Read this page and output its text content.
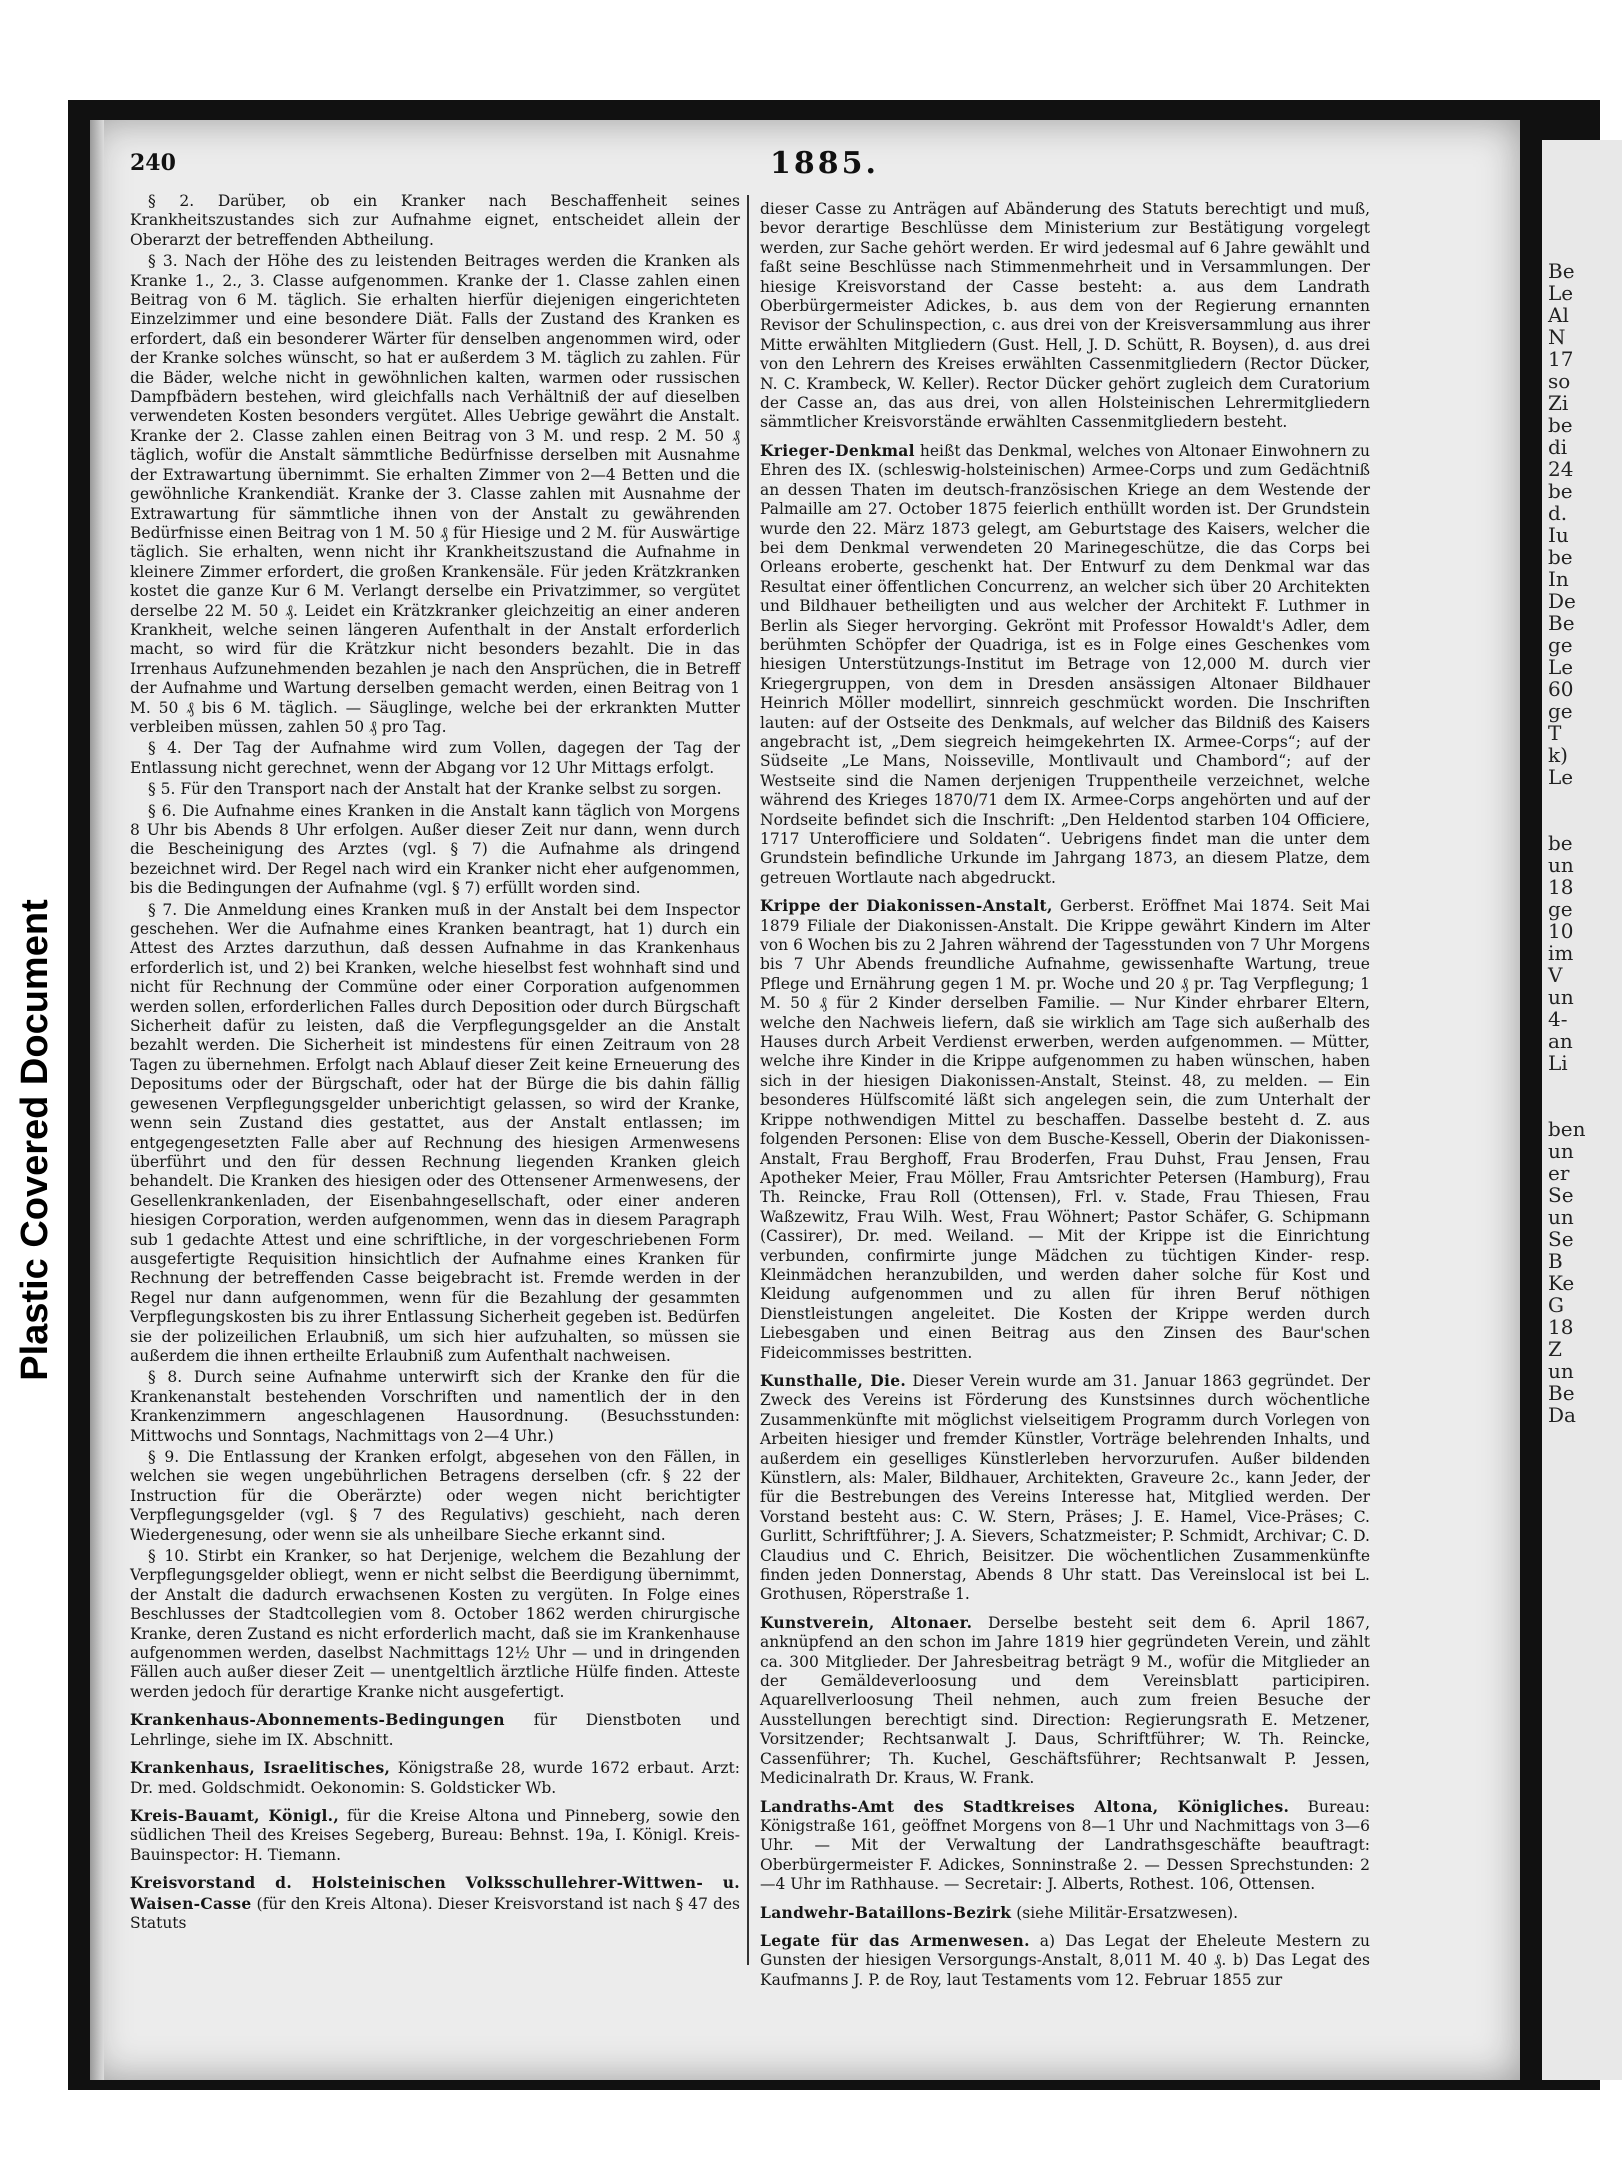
Plastic Covered Document
Be
Le
Al
N
17
so
Zi
be
di
24
be
d.
Iu
be
In
De
Be
ge
Le
60
ge
T
k)
Le

be
un
18
ge
10
im
V
un
4-
an
Li

ben
un
er
Se
un
Se
B
Ke
G
18
Z
un
Be
Da
240	1885.

§ 2. Darüber, ob ein Kranker nach Beschaffenheit seines Krankheitszustandes sich zur Aufnahme eignet, entscheidet allein der Oberarzt der betreffenden Abtheilung.

§ 3. Nach der Höhe des zu leistenden Beitrages werden die Kranken als Kranke 1., 2., 3. Classe aufgenommen. Kranke der 1. Classe zahlen einen Beitrag von 6 M. täglich. Sie erhalten hierfür diejenigen eingerichteten Einzelzimmer und eine besondere Diät. Falls der Zustand des Kranken es erfordert, daß ein besonderer Wärter für denselben angenommen wird, oder der Kranke solches wünscht, so hat er außerdem 3 M. täglich zu zahlen. Für die Bäder, welche nicht in gewöhnlichen kalten, warmen oder russischen Dampfbädern bestehen, wird gleichfalls nach Verhältniß der auf dieselben verwendeten Kosten besonders vergütet. Alles Uebrige gewährt die Anstalt. Kranke der 2. Classe zahlen einen Beitrag von 3 M. und resp. 2 M. 50 ₰ täglich, wofür die Anstalt sämmtliche Bedürfnisse derselben mit Ausnahme der Extrawartung übernimmt. Sie erhalten Zimmer von 2—4 Betten und die gewöhnliche Krankendiät. Kranke der 3. Classe zahlen mit Ausnahme der Extrawartung für sämmtliche ihnen von der Anstalt zu gewährenden Bedürfnisse einen Beitrag von 1 M. 50 ₰ für Hiesige und 2 M. für Auswärtige täglich. Sie erhalten, wenn nicht ihr Krankheitszustand die Aufnahme in kleinere Zimmer erfordert, die großen Krankensäle. Für jeden Krätzkranken kostet die ganze Kur 6 M. Verlangt derselbe ein Privatzimmer, so vergütet derselbe 22 M. 50 ₰. Leidet ein Krätzkranker gleichzeitig an einer anderen Krankheit, welche seinen längeren Aufenthalt in der Anstalt erforderlich macht, so wird für die Krätzkur nicht besonders bezahlt. Die in das Irrenhaus Aufzunehmenden bezahlen je nach den Ansprüchen, die in Betreff der Aufnahme und Wartung derselben gemacht werden, einen Beitrag von 1 M. 50 ₰ bis 6 M. täglich. — Säuglinge, welche bei der erkrankten Mutter verbleiben müssen, zahlen 50 ₰ pro Tag.

§ 4. Der Tag der Aufnahme wird zum Vollen, dagegen der Tag der Entlassung nicht gerechnet, wenn der Abgang vor 12 Uhr Mittags erfolgt.

§ 5. Für den Transport nach der Anstalt hat der Kranke selbst zu sorgen.

§ 6. Die Aufnahme eines Kranken in die Anstalt kann täglich von Morgens 8 Uhr bis Abends 8 Uhr erfolgen. Außer dieser Zeit nur dann, wenn durch die Bescheinigung des Arztes (vgl. § 7) die Aufnahme als dringend bezeichnet wird. Der Regel nach wird ein Kranker nicht eher aufgenommen, bis die Bedingungen der Aufnahme (vgl. § 7) erfüllt worden sind.

§ 7. Die Anmeldung eines Kranken muß in der Anstalt bei dem Inspector geschehen. Wer die Aufnahme eines Kranken beantragt, hat 1) durch ein Attest des Arztes darzuthun, daß dessen Aufnahme in das Krankenhaus erforderlich ist, und 2) bei Kranken, welche hieselbst fest wohnhaft sind und nicht für Rechnung der Commüne oder einer Corporation aufgenommen werden sollen, erforderlichen Falles durch Deposition oder durch Bürgschaft Sicherheit dafür zu leisten, daß die Verpflegungsgelder an die Anstalt bezahlt werden. Die Sicherheit ist mindestens für einen Zeitraum von 28 Tagen zu übernehmen. Erfolgt nach Ablauf dieser Zeit keine Erneuerung des Depositums oder der Bürgschaft, oder hat der Bürge die bis dahin fällig gewesenen Verpflegungsgelder unberichtigt gelassen, so wird der Kranke, wenn sein Zustand dies gestattet, aus der Anstalt entlassen; im entgegengesetzten Falle aber auf Rechnung des hiesigen Armenwesens überführt und den für dessen Rechnung liegenden Kranken gleich behandelt. Die Kranken des hiesigen oder des Ottensener Armenwesens, der Gesellenkrankenladen, der Eisenbahngesellschaft, oder einer anderen hiesigen Corporation, werden aufgenommen, wenn das in diesem Paragraph sub 1 gedachte Attest und eine schriftliche, in der vorgeschriebenen Form ausgefertigte Requisition hinsichtlich der Aufnahme eines Kranken für Rechnung der betreffenden Casse beigebracht ist. Fremde werden in der Regel nur dann aufgenommen, wenn für die Bezahlung der gesammten Verpflegungskosten bis zu ihrer Entlassung Sicherheit gegeben ist. Bedürfen sie der polizeilichen Erlaubniß, um sich hier aufzuhalten, so müssen sie außerdem die ihnen ertheilte Erlaubniß zum Aufenthalt nachweisen.

§ 8. Durch seine Aufnahme unterwirft sich der Kranke den für die Krankenanstalt bestehenden Vorschriften und namentlich der in den Krankenzimmern angeschlagenen Hausordnung. (Besuchsstunden: Mittwochs und Sonntags, Nachmittags von 2—4 Uhr.)

§ 9. Die Entlassung der Kranken erfolgt, abgesehen von den Fällen, in welchen sie wegen ungebührlichen Betragens derselben (cfr. § 22 der Instruction für die Oberärzte) oder wegen nicht berichtigter Verpflegungsgelder (vgl. § 7 des Regulativs) geschieht, nach deren Wiedergenesung, oder wenn sie als unheilbare Sieche erkannt sind.

§ 10. Stirbt ein Kranker, so hat Derjenige, welchem die Bezahlung der Verpflegungsgelder obliegt, wenn er nicht selbst die Beerdigung übernimmt, der Anstalt die dadurch erwachsenen Kosten zu vergüten. In Folge eines Beschlusses der Stadtcollegien vom 8. October 1862 werden chirurgische Kranke, deren Zustand es nicht erforderlich macht, daß sie im Krankenhause aufgenommen werden, daselbst Nachmittags 12½ Uhr — und in dringenden Fällen auch außer dieser Zeit — unentgeltlich ärztliche Hülfe finden. Atteste werden jedoch für derartige Kranke nicht ausgefertigt.

Krankenhaus-Abonnements-Bedingungen für Dienstboten und Lehrlinge, siehe im IX. Abschnitt.

Krankenhaus, Israelitisches, Königstraße 28, wurde 1672 erbaut. Arzt: Dr. med. Goldschmidt. Oekonomin: S. Goldsticker Wb.

Kreis-Bauamt, Königl., für die Kreise Altona und Pinneberg, sowie den südlichen Theil des Kreises Segeberg, Bureau: Behnst. 19a, I. Königl. Kreis-Bauinspector: H. Tiemann.

Kreisvorstand d. Holsteinischen Volksschullehrer-Wittwen- u. Waisen-Casse (für den Kreis Altona). Dieser Kreisvorstand ist nach § 47 des Statuts

dieser Casse zu Anträgen auf Abänderung des Statuts berechtigt und muß, bevor derartige Beschlüsse dem Ministerium zur Bestätigung vorgelegt werden, zur Sache gehört werden. Er wird jedesmal auf 6 Jahre gewählt und faßt seine Beschlüsse nach Stimmenmehrheit und in Versammlungen. Der hiesige Kreisvorstand der Casse besteht: a. aus dem Landrath Oberbürgermeister Adickes, b. aus dem von der Regierung ernannten Revisor der Schulinspection, c. aus drei von der Kreisversammlung aus ihrer Mitte erwählten Mitgliedern (Gust. Hell, J. D. Schütt, R. Boysen), d. aus drei von den Lehrern des Kreises erwählten Cassenmitgliedern (Rector Dücker, N. C. Krambeck, W. Keller). Rector Dücker gehört zugleich dem Curatorium der Casse an, das aus drei, von allen Holsteinischen Lehrermitgliedern sämmtlicher Kreisvorstände erwählten Cassenmitgliedern besteht.

Krieger-Denkmal heißt das Denkmal, welches von Altonaer Einwohnern zu Ehren des IX. (schleswig-holsteinischen) Armee-Corps und zum Gedächtniß an dessen Thaten im deutsch-französischen Kriege an dem Westende der Palmaille am 27. October 1875 feierlich enthüllt worden ist. Der Grundstein wurde den 22. März 1873 gelegt, am Geburtstage des Kaisers, welcher die bei dem Denkmal verwendeten 20 Marinegeschütze, die das Corps bei Orleans eroberte, geschenkt hat. Der Entwurf zu dem Denkmal war das Resultat einer öffentlichen Concurrenz, an welcher sich über 20 Architekten und Bildhauer betheiligten und aus welcher der Architekt F. Luthmer in Berlin als Sieger hervorging. Gekrönt mit Professor Howaldt's Adler, dem berühmten Schöpfer der Quadriga, ist es in Folge eines Geschenkes vom hiesigen Unterstützungs-Institut im Betrage von 12,000 M. durch vier Kriegergruppen, von dem in Dresden ansässigen Altonaer Bildhauer Heinrich Möller modellirt, sinnreich geschmückt worden. Die Inschriften lauten: auf der Ostseite des Denkmals, auf welcher das Bildniß des Kaisers angebracht ist, „Dem siegreich heimgekehrten IX. Armee-Corps“; auf der Südseite „Le Mans, Noisseville, Montlivault und Chambord“; auf der Westseite sind die Namen derjenigen Truppentheile verzeichnet, welche während des Krieges 1870/71 dem IX. Armee-Corps angehörten und auf der Nordseite befindet sich die Inschrift: „Den Heldentod starben 104 Officiere, 1717 Unterofficiere und Soldaten“. Uebrigens findet man die unter dem Grundstein befindliche Urkunde im Jahrgang 1873, an diesem Platze, dem getreuen Wortlaute nach abgedruckt.

Krippe der Diakonissen-Anstalt, Gerberst. Eröffnet Mai 1874. Seit Mai 1879 Filiale der Diakonissen-Anstalt. Die Krippe gewährt Kindern im Alter von 6 Wochen bis zu 2 Jahren während der Tagesstunden von 7 Uhr Morgens bis 7 Uhr Abends freundliche Aufnahme, gewissenhafte Wartung, treue Pflege und Ernährung gegen 1 M. pr. Woche und 20 ₰ pr. Tag Verpflegung; 1 M. 50 ₰ für 2 Kinder derselben Familie. — Nur Kinder ehrbarer Eltern, welche den Nachweis liefern, daß sie wirklich am Tage sich außerhalb des Hauses durch Arbeit Verdienst erwerben, werden aufgenommen. — Mütter, welche ihre Kinder in die Krippe aufgenommen zu haben wünschen, haben sich in der hiesigen Diakonissen-Anstalt, Steinst. 48, zu melden. — Ein besonderes Hülfscomité läßt sich angelegen sein, die zum Unterhalt der Krippe nothwendigen Mittel zu beschaffen. Dasselbe besteht d. Z. aus folgenden Personen: Elise von dem Busche-Kessell, Oberin der Diakonissen-Anstalt, Frau Berghoff, Frau Broderfen, Frau Duhst, Frau Jensen, Frau Apotheker Meier, Frau Möller, Frau Amtsrichter Petersen (Hamburg), Frau Th. Reincke, Frau Roll (Ottensen), Frl. v. Stade, Frau Thiesen, Frau Waßzewitz, Frau Wilh. West, Frau Wöhnert; Pastor Schäfer, G. Schipmann (Cassirer), Dr. med. Weiland. — Mit der Krippe ist die Einrichtung verbunden, confirmirte junge Mädchen zu tüchtigen Kinder- resp. Kleinmädchen heranzubilden, und werden daher solche für Kost und Kleidung aufgenommen und zu allen für ihren Beruf nöthigen Dienstleistungen angeleitet. Die Kosten der Krippe werden durch Liebesgaben und einen Beitrag aus den Zinsen des Baur'schen Fideicommisses bestritten.

Kunsthalle, Die. Dieser Verein wurde am 31. Januar 1863 gegründet. Der Zweck des Vereins ist Förderung des Kunstsinnes durch wöchentliche Zusammenkünfte mit möglichst vielseitigem Programm durch Vorlegen von Arbeiten hiesiger und fremder Künstler, Vorträge belehrenden Inhalts, und außerdem ein geselliges Künstlerleben hervorzurufen. Außer bildenden Künstlern, als: Maler, Bildhauer, Architekten, Graveure 2c., kann Jeder, der für die Bestrebungen des Vereins Interesse hat, Mitglied werden. Der Vorstand besteht aus: C. W. Stern, Präses; J. E. Hamel, Vice-Präses; C. Gurlitt, Schriftführer; J. A. Sievers, Schatzmeister; P. Schmidt, Archivar; C. D. Claudius und C. Ehrich, Beisitzer. Die wöchentlichen Zusammenkünfte finden jeden Donnerstag, Abends 8 Uhr statt. Das Vereinslocal ist bei L. Grothusen, Röperstraße 1.

Kunstverein, Altonaer. Derselbe besteht seit dem 6. April 1867, anknüpfend an den schon im Jahre 1819 hier gegründeten Verein, und zählt ca. 300 Mitglieder. Der Jahresbeitrag beträgt 9 M., wofür die Mitglieder an der Gemäldeverloosung und dem Vereinsblatt participiren. Aquarellverloosung Theil nehmen, auch zum freien Besuche der Ausstellungen berechtigt sind. Direction: Regierungsrath E. Metzener, Vorsitzender; Rechtsanwalt J. Daus, Schriftführer; W. Th. Reincke, Cassenführer; Th. Kuchel, Geschäftsführer; Rechtsanwalt P. Jessen, Medicinalrath Dr. Kraus, W. Frank.

Landraths-Amt des Stadtkreises Altona, Königliches. Bureau: Königstraße 161, geöffnet Morgens von 8—1 Uhr und Nachmittags von 3—6 Uhr. — Mit der Verwaltung der Landrathsgeschäfte beauftragt: Oberbürgermeister F. Adickes, Sonninstraße 2. — Dessen Sprechstunden: 2—4 Uhr im Rathhause. — Secretair: J. Alberts, Rothest. 106, Ottensen.

Landwehr-Bataillons-Bezirk (siehe Militär-Ersatzwesen).

Legate für das Armenwesen. a) Das Legat der Eheleute Mestern zu Gunsten der hiesigen Versorgungs-Anstalt, 8,011 M. 40 ₰. b) Das Legat des Kaufmanns J. P. de Roy, laut Testaments vom 12. Februar 1855 zur
